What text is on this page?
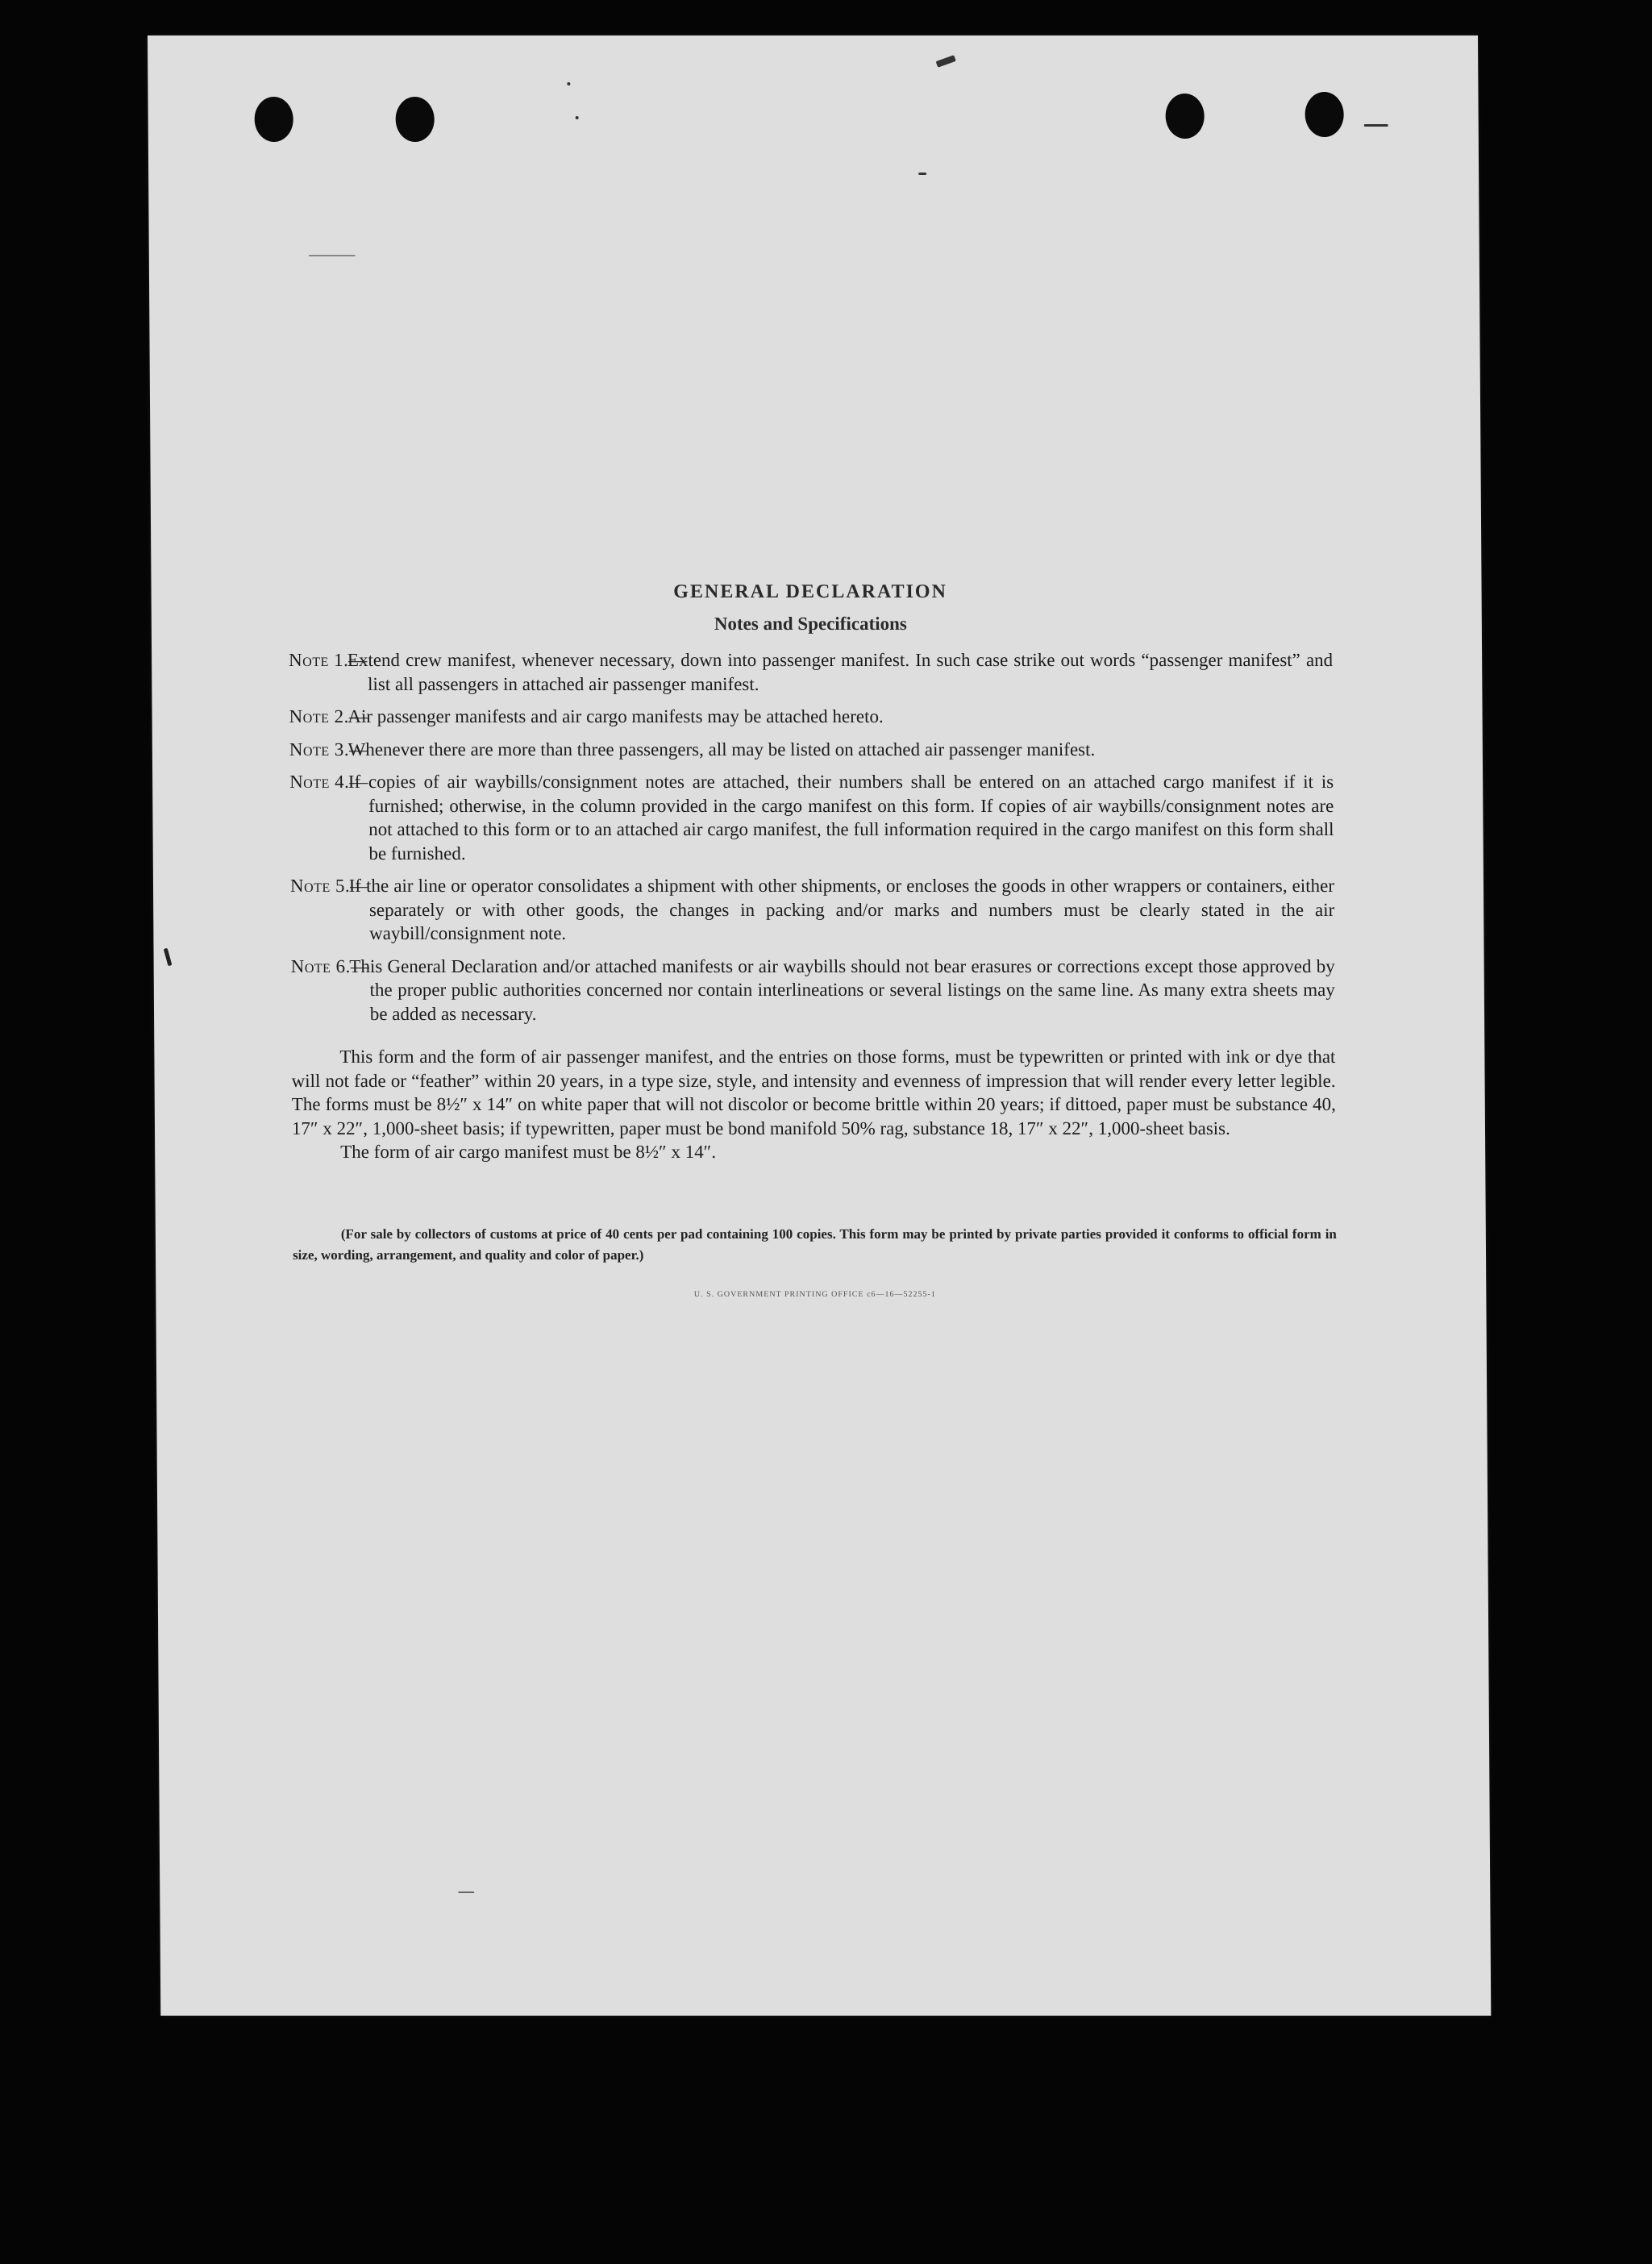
GENERAL DECLARATION

Notes and Specifications

Note 1.—
Extend crew manifest, whenever necessary, down into passenger manifest. In such case strike out words “passenger manifest” and list all passengers in attached air passenger manifest.
Note 2.—
Air passenger manifests and air cargo manifests may be attached hereto.
Note 3.—
Whenever there are more than three passengers, all may be listed on attached air passenger manifest.
Note 4.—
If copies of air waybills/consignment notes are attached, their numbers shall be entered on an attached cargo manifest if it is furnished; otherwise, in the column provided in the cargo manifest on this form. If copies of air waybills/consignment notes are not attached to this form or to an attached air cargo manifest, the full information required in the cargo manifest on this form shall be furnished.
Note 5.—
If the air line or operator consolidates a shipment with other shipments, or encloses the goods in other wrappers or containers, either separately or with other goods, the changes in packing and/or marks and numbers must be clearly stated in the air waybill/consignment note.
Note 6.—
This General Declaration and/or attached manifests or air waybills should not bear erasures or corrections except those approved by the proper public authorities concerned nor contain interlineations or several listings on the same line. As many extra sheets may be added as necessary.

This form and the form of air passenger manifest, and the entries on those forms, must be typewritten or printed with ink or dye that will not fade or “feather” within 20 years, in a type size, style, and intensity and evenness of impression that will render every letter legible. The forms must be 8½″ x 14″ on white paper that will not discolor or become brittle within 20 years; if dittoed, paper must be substance 40, 17″ x 22″, 1,000-sheet basis; if typewritten, paper must be bond manifold 50% rag, substance 18, 17″ x 22″, 1,000-sheet basis.

The form of air cargo manifest must be 8½″ x 14″.

(For sale by collectors of customs at price of 40 cents per pad containing 100 copies. This form may be printed by private parties provided it conforms to official form in size, wording, arrangement, and quality and color of paper.)

U. S. GOVERNMENT PRINTING OFFICE c6—16—52255-1
